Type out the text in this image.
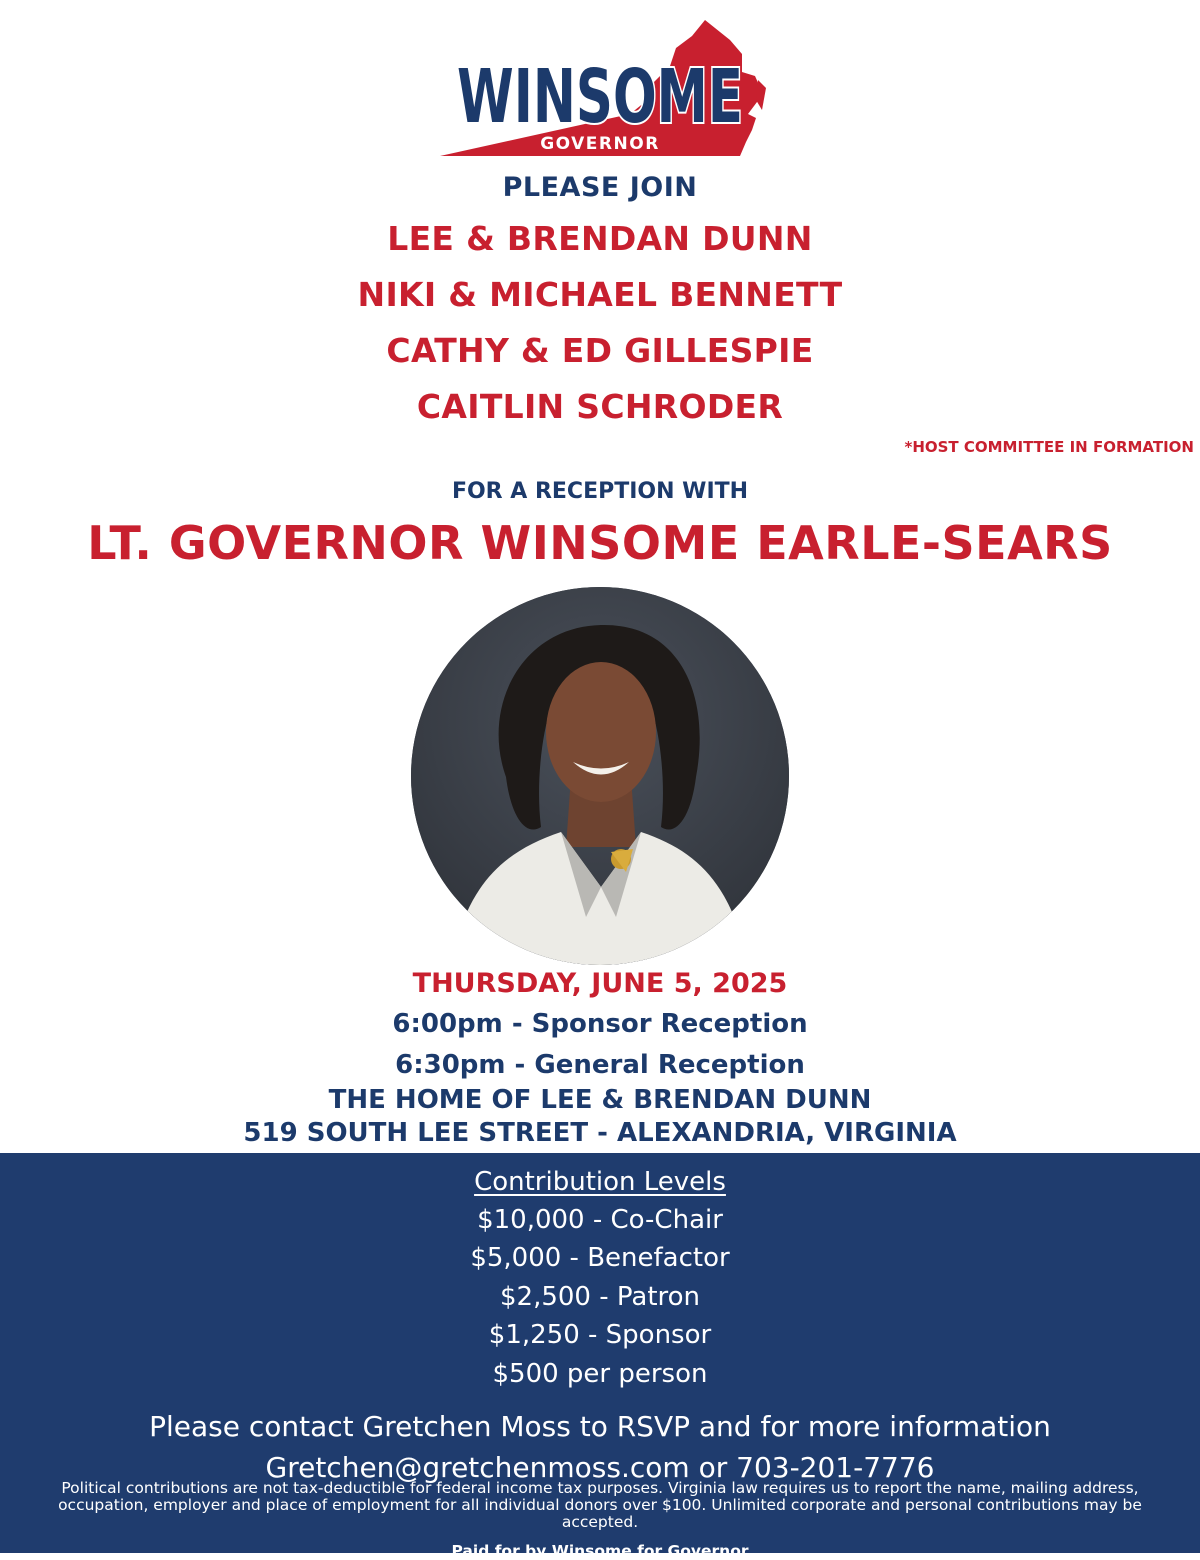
WINSOME
GOVERNOR
PLEASE JOIN
LEE & BRENDAN DUNN
NIKI & MICHAEL BENNETT
CATHY & ED GILLESPIE
CAITLIN SCHRODER
*HOST COMMITTEE IN FORMATION
FOR A RECEPTION WITH
LT. GOVERNOR WINSOME EARLE-SEARS
THURSDAY, JUNE 5, 2025
6:00pm - Sponsor Reception
6:30pm - General Reception
THE HOME OF LEE & BRENDAN DUNN
519 SOUTH LEE STREET - ALEXANDRIA, VIRGINIA
Contribution Levels
$10,000 - Co-Chair
$5,000 - Benefactor
$2,500 - Patron
$1,250 - Sponsor
$500 per person
Please contact Gretchen Moss to RSVP and for more information
Gretchen@gretchenmoss.com or 703-201-7776
Political contributions are not tax-deductible for federal income tax purposes. Virginia law requires us to report the name, mailing address, occupation, employer and place of employment for all individual donors over $100. Unlimited corporate and personal contributions may be accepted.
Paid for by Winsome for Governor
